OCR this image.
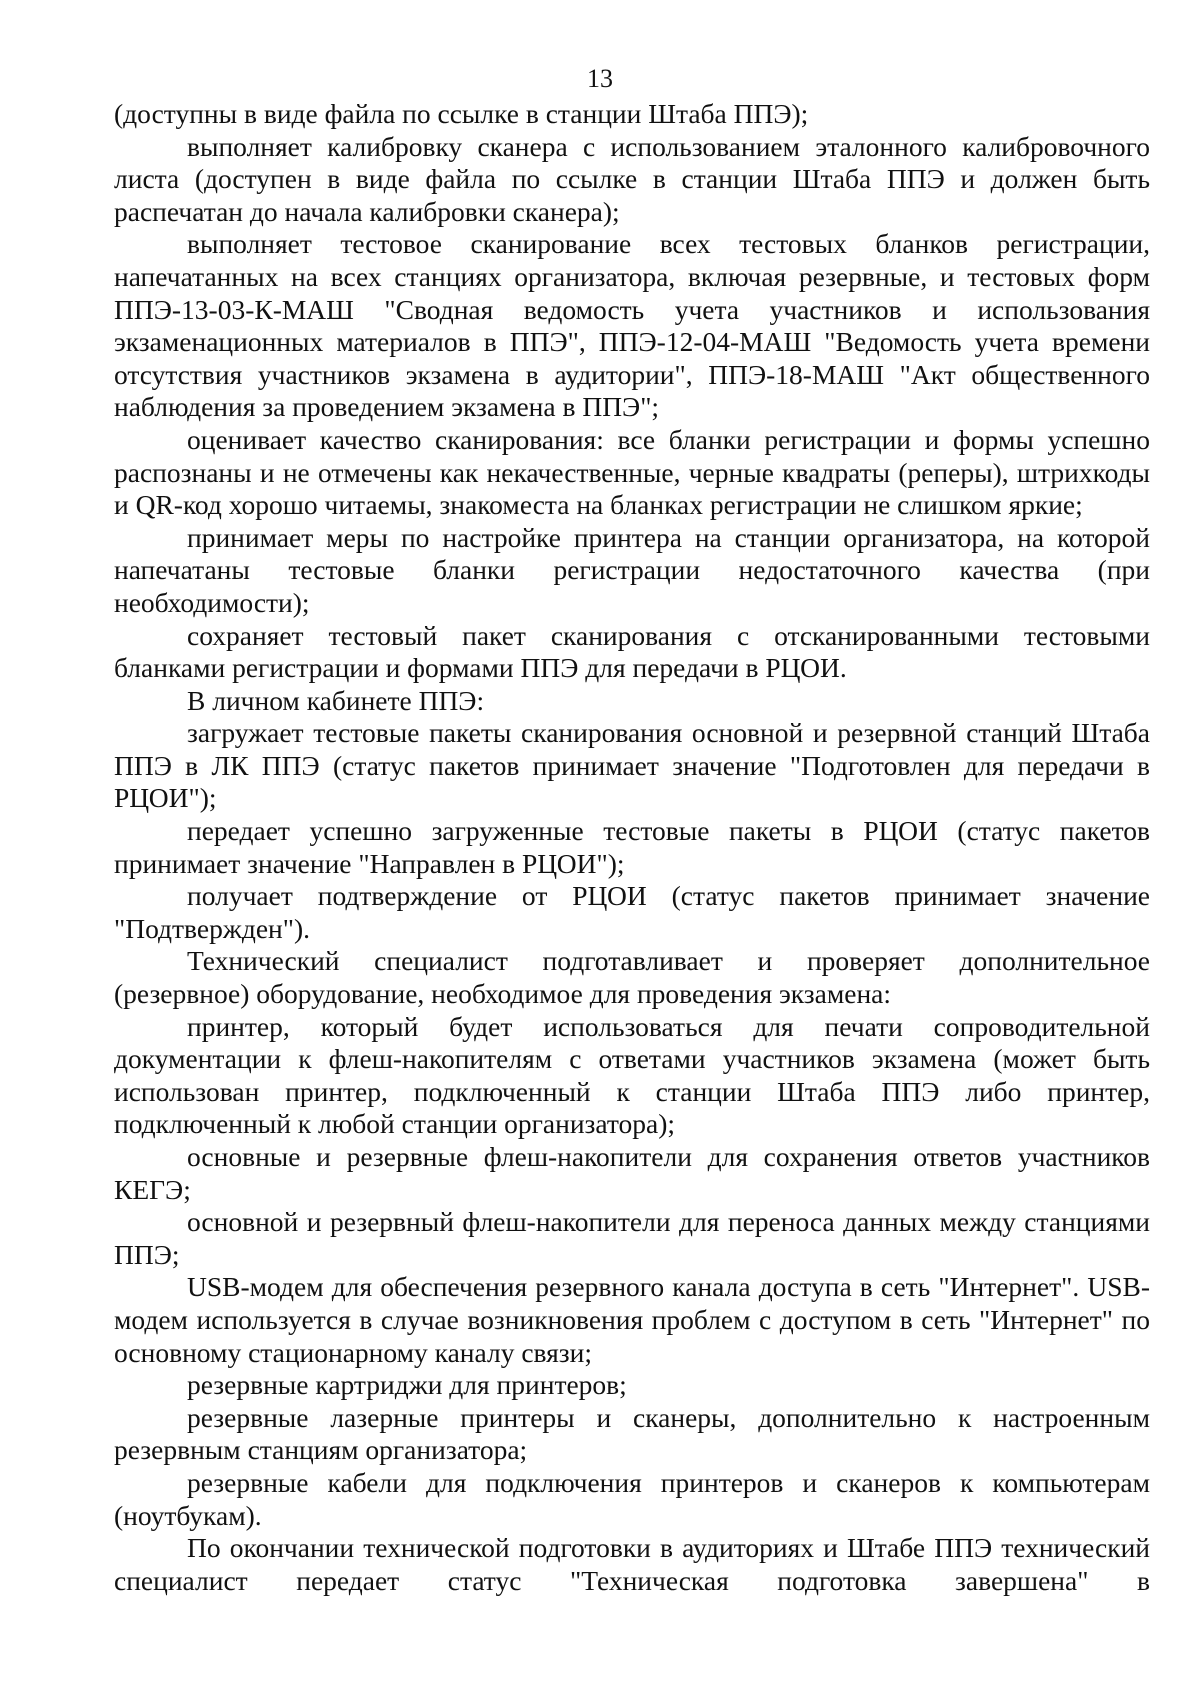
13

(доступны в виде файла по ссылке в станции Штаба ППЭ);

выполняет калибровку сканера с использованием эталонного калибровочного листа (доступен в виде файла по ссылке в станции Штаба ППЭ и должен быть распечатан до начала калибровки сканера);

выполняет тестовое сканирование всех тестовых бланков регистрации, напечатанных на всех станциях организатора, включая резервные, и тестовых форм ППЭ-13-03-К-МАШ "Сводная ведомость учета участников и использования экзаменационных материалов в ППЭ", ППЭ-12-04-МАШ "Ведомость учета времени отсутствия участников экзамена в аудитории", ППЭ-18-МАШ "Акт общественного наблюдения за проведением экзамена в ППЭ";

оценивает качество сканирования: все бланки регистрации и формы успешно распознаны и не отмечены как некачественные, черные квадраты (реперы), штрихкоды и QR-код хорошо читаемы, знакоместа на бланках регистрации не слишком яркие;

принимает меры по настройке принтера на станции организатора, на которой напечатаны тестовые бланки регистрации недостаточного качества (при необходимости);

сохраняет тестовый пакет сканирования с отсканированными тестовыми бланками регистрации и формами ППЭ для передачи в РЦОИ.

В личном кабинете ППЭ:

загружает тестовые пакеты сканирования основной и резервной станций Штаба ППЭ в ЛК ППЭ (статус пакетов принимает значение "Подготовлен для передачи в РЦОИ");

передает успешно загруженные тестовые пакеты в РЦОИ (статус пакетов принимает значение "Направлен в РЦОИ");

получает подтверждение от РЦОИ (статус пакетов принимает значение "Подтвержден").

Технический специалист подготавливает и проверяет дополнительное (резервное) оборудование, необходимое для проведения экзамена:

принтер, который будет использоваться для печати сопроводительной документации к флеш-накопителям с ответами участников экзамена (может быть использован принтер, подключенный к станции Штаба ППЭ либо принтер, подключенный к любой станции организатора);

основные и резервные флеш-накопители для сохранения ответов участников КЕГЭ;

основной и резервный флеш-накопители для переноса данных между станциями ППЭ;

USB-модем для обеспечения резервного канала доступа в сеть "Интернет". USB-модем используется в случае возникновения проблем с доступом в сеть "Интернет" по основному стационарному каналу связи;

резервные картриджи для принтеров;

резервные лазерные принтеры и сканеры, дополнительно к настроенным резервным станциям организатора;

резервные кабели для подключения принтеров и сканеров к компьютерам (ноутбукам).

По окончании технической подготовки в аудиториях и Штабе ППЭ технический специалист передает статус "Техническая подготовка завершена" в
